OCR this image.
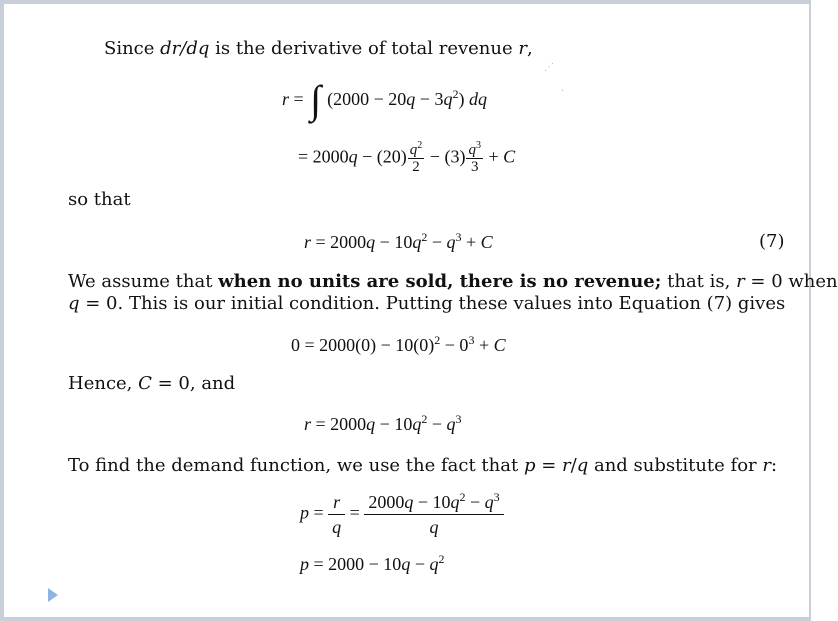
Since dr/dq is the derivative of total revenue r,
r = ∫ $(2000 - 20q - 3q^2)$ dq
= $2000q - (20) \frac{q^2}{2} - (3) \frac{q^3}{3} + C$
so that
$r = 2000q - 10q^2 - q^3 + C$	(7)
We assume that when no units are sold, there is no revenue; that is, r = 0 when
q = 0. This is our initial condition. Putting these values into Equation (7) gives
$0 = 2000(0) - 10(0)^2 - 0^3 + C$
Hence, C = 0, and
$r = 2000q - 10q^2 - q^3$
To find the demand function, we use the fact that p = r/q and substitute for r:
$p = \frac{r}{q} = \frac{2000q - 10q^2 - q^3}{q}$
$p = 2000 - 10q - q^2$
⋰
·
